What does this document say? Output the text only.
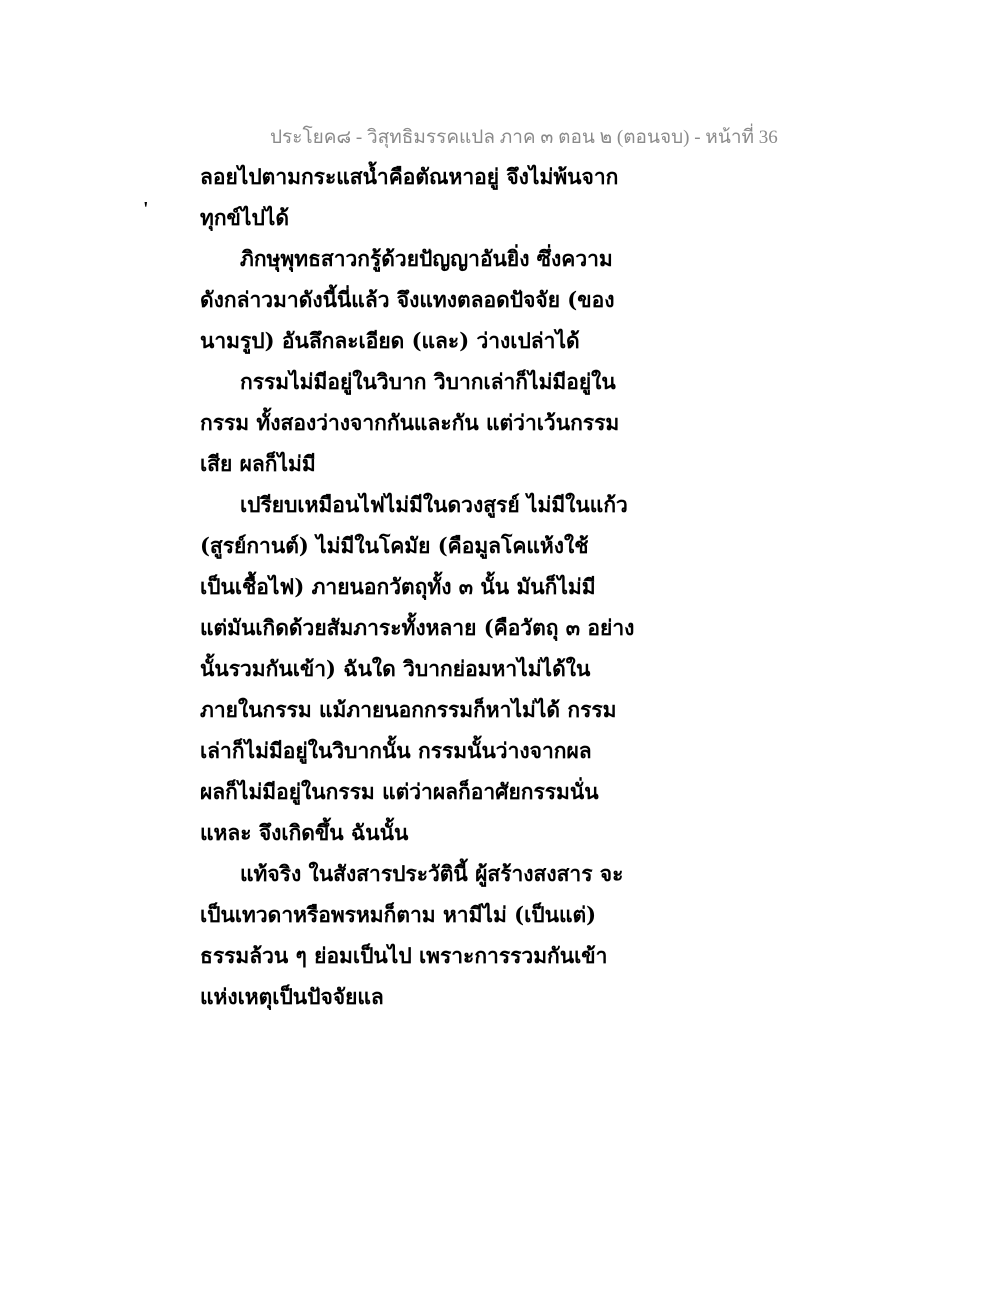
ประโยค๘ - วิสุทธิมรรคแปล ภาค ๓ ตอน ๒ (ตอนจบ) - หน้าที่ 36
'
ลอยไปตามกระแสน้ำคือตัณหาอยู่ จึงไม่พ้นจาก
ทุกข์ไปได้
ภิกษุพุทธสาวกรู้ด้วยปัญญาอันยิ่ง ซึ่งความ
ดังกล่าวมาดังนี้นี่แล้ว จึงแทงตลอดปัจจัย (ของ
นามรูป) อันลึกละเอียด (และ) ว่างเปล่าได้
กรรมไม่มีอยู่ในวิบาก วิบากเล่าก็ไม่มีอยู่ใน
กรรม ทั้งสองว่างจากกันและกัน แต่ว่าเว้นกรรม
เสีย ผลก็ไม่มี
เปรียบเหมือนไฟไม่มีในดวงสูรย์ ไม่มีในแก้ว
(สูรย์กานต์) ไม่มีในโคมัย (คือมูลโคแห้งใช้
เป็นเชื้อไฟ) ภายนอกวัตถุทั้ง ๓ นั้น มันก็ไม่มี
แต่มันเกิดด้วยสัมภาระทั้งหลาย (คือวัตถุ ๓ อย่าง
นั้นรวมกันเข้า) ฉันใด วิบากย่อมหาไม่ได้ใน
ภายในกรรม แม้ภายนอกกรรมก็หาไม่ได้ กรรม
เล่าก็ไม่มีอยู่ในวิบากนั้น กรรมนั้นว่างจากผล
ผลก็ไม่มีอยู่ในกรรม แต่ว่าผลก็อาศัยกรรมนั่น
แหละ จึงเกิดขึ้น ฉันนั้น
แท้จริง ในสังสารประวัตินี้ ผู้สร้างสงสาร จะ
เป็นเทวดาหรือพรหมก็ตาม หามีไม่ (เป็นแต่)
ธรรมล้วน ๆ ย่อมเป็นไป เพราะการรวมกันเข้า
แห่งเหตุเป็นปัจจัยแล
